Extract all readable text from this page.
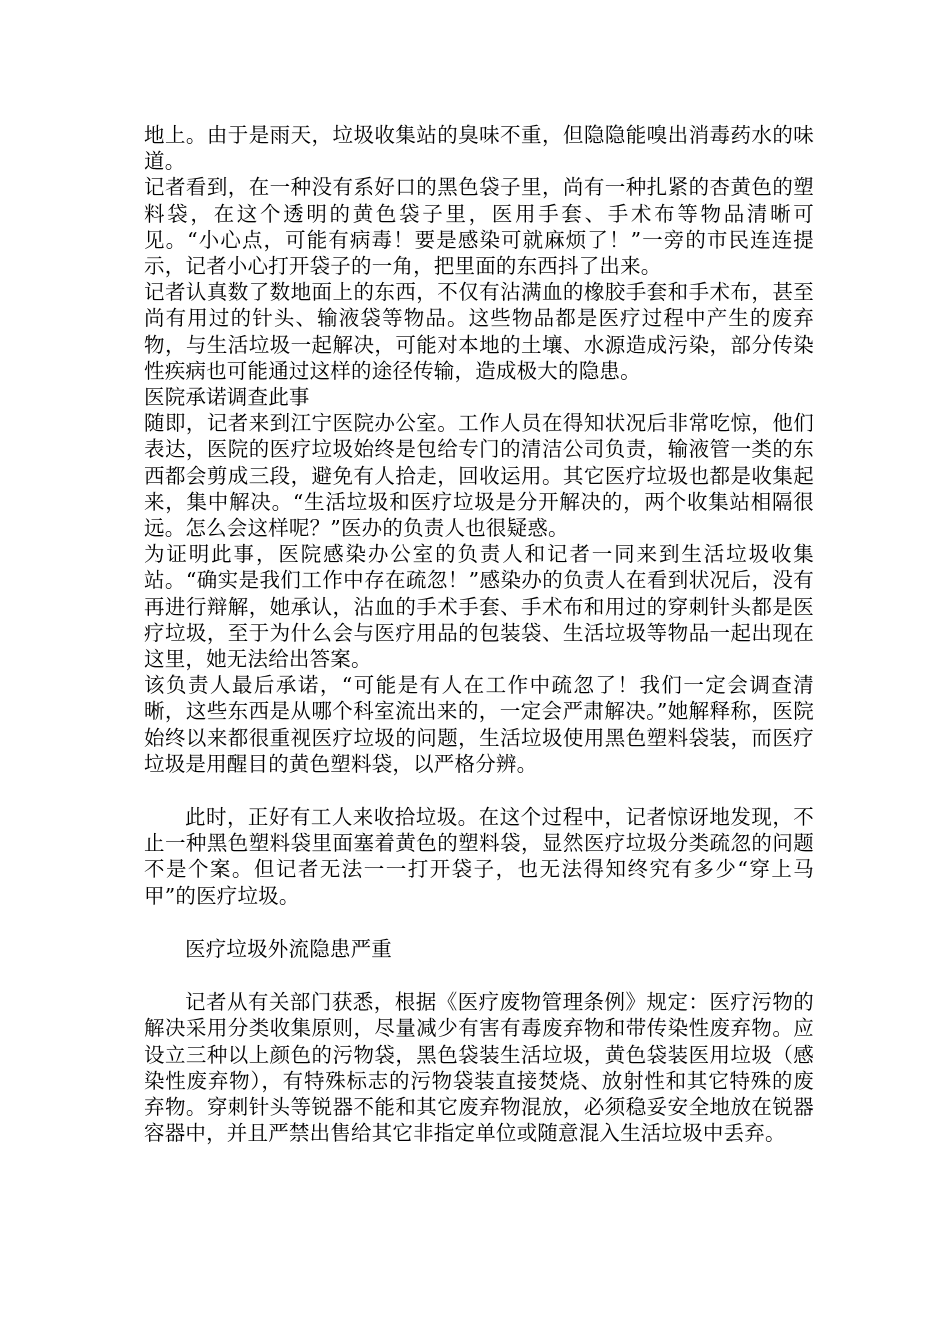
地上。由于是雨天，垃圾收集站的臭味不重，但隐隐能嗅出消毒药水的味道。

记者看到，在一种没有系好口的黑色袋子里，尚有一种扎紧的杏黄色的塑料袋，在这个透明的黄色袋子里，医用手套、手术布等物品清晰可见。“小心点，可能有病毒！要是感染可就麻烦了！”一旁的市民连连提示，记者小心打开袋子的一角，把里面的东西抖了出来。

记者认真数了数地面上的东西，不仅有沾满血的橡胶手套和手术布，甚至尚有用过的针头、输液袋等物品。这些物品都是医疗过程中产生的废弃物，与生活垃圾一起解决，可能对本地的土壤、水源造成污染，部分传染性疾病也可能通过这样的途径传输，造成极大的隐患。

医院承诺调查此事

随即，记者来到江宁医院办公室。工作人员在得知状况后非常吃惊，他们表达，医院的医疗垃圾始终是包给专门的清洁公司负责，输液管一类的东西都会剪成三段，避免有人拾走，回收运用。其它医疗垃圾也都是收集起来，集中解决。“生活垃圾和医疗垃圾是分开解决的，两个收集站相隔很远。怎么会这样呢？”医办的负责人也很疑惑。

为证明此事，医院感染办公室的负责人和记者一同来到生活垃圾收集站。“确实是我们工作中存在疏忽！”感染办的负责人在看到状况后，没有再进行辩解，她承认，沾血的手术手套、手术布和用过的穿刺针头都是医疗垃圾，至于为什么会与医疗用品的包装袋、生活垃圾等物品一起出现在这里，她无法给出答案。

该负责人最后承诺，“可能是有人在工作中疏忽了！我们一定会调查清晰，这些东西是从哪个科室流出来的，一定会严肃解决。”她解释称，医院始终以来都很重视医疗垃圾的问题，生活垃圾使用黑色塑料袋装，而医疗垃圾是用醒目的黄色塑料袋，以严格分辨。

此时，正好有工人来收拾垃圾。在这个过程中，记者惊讶地发现，不止一种黑色塑料袋里面塞着黄色的塑料袋，显然医疗垃圾分类疏忽的问题不是个案。但记者无法一一打开袋子，也无法得知终究有多少“穿上马甲”的医疗垃圾。

医疗垃圾外流隐患严重

记者从有关部门获悉，根据《医疗废物管理条例》规定：医疗污物的解决采用分类收集原则，尽量减少有害有毒废弃物和带传染性废弃物。应设立三种以上颜色的污物袋，黑色袋装生活垃圾，黄色袋装医用垃圾（感染性废弃物），有特殊标志的污物袋装直接焚烧、放射性和其它特殊的废弃物。穿刺针头等锐器不能和其它废弃物混放，必须稳妥安全地放在锐器容器中，并且严禁出售给其它非指定单位或随意混入生活垃圾中丢弃。
